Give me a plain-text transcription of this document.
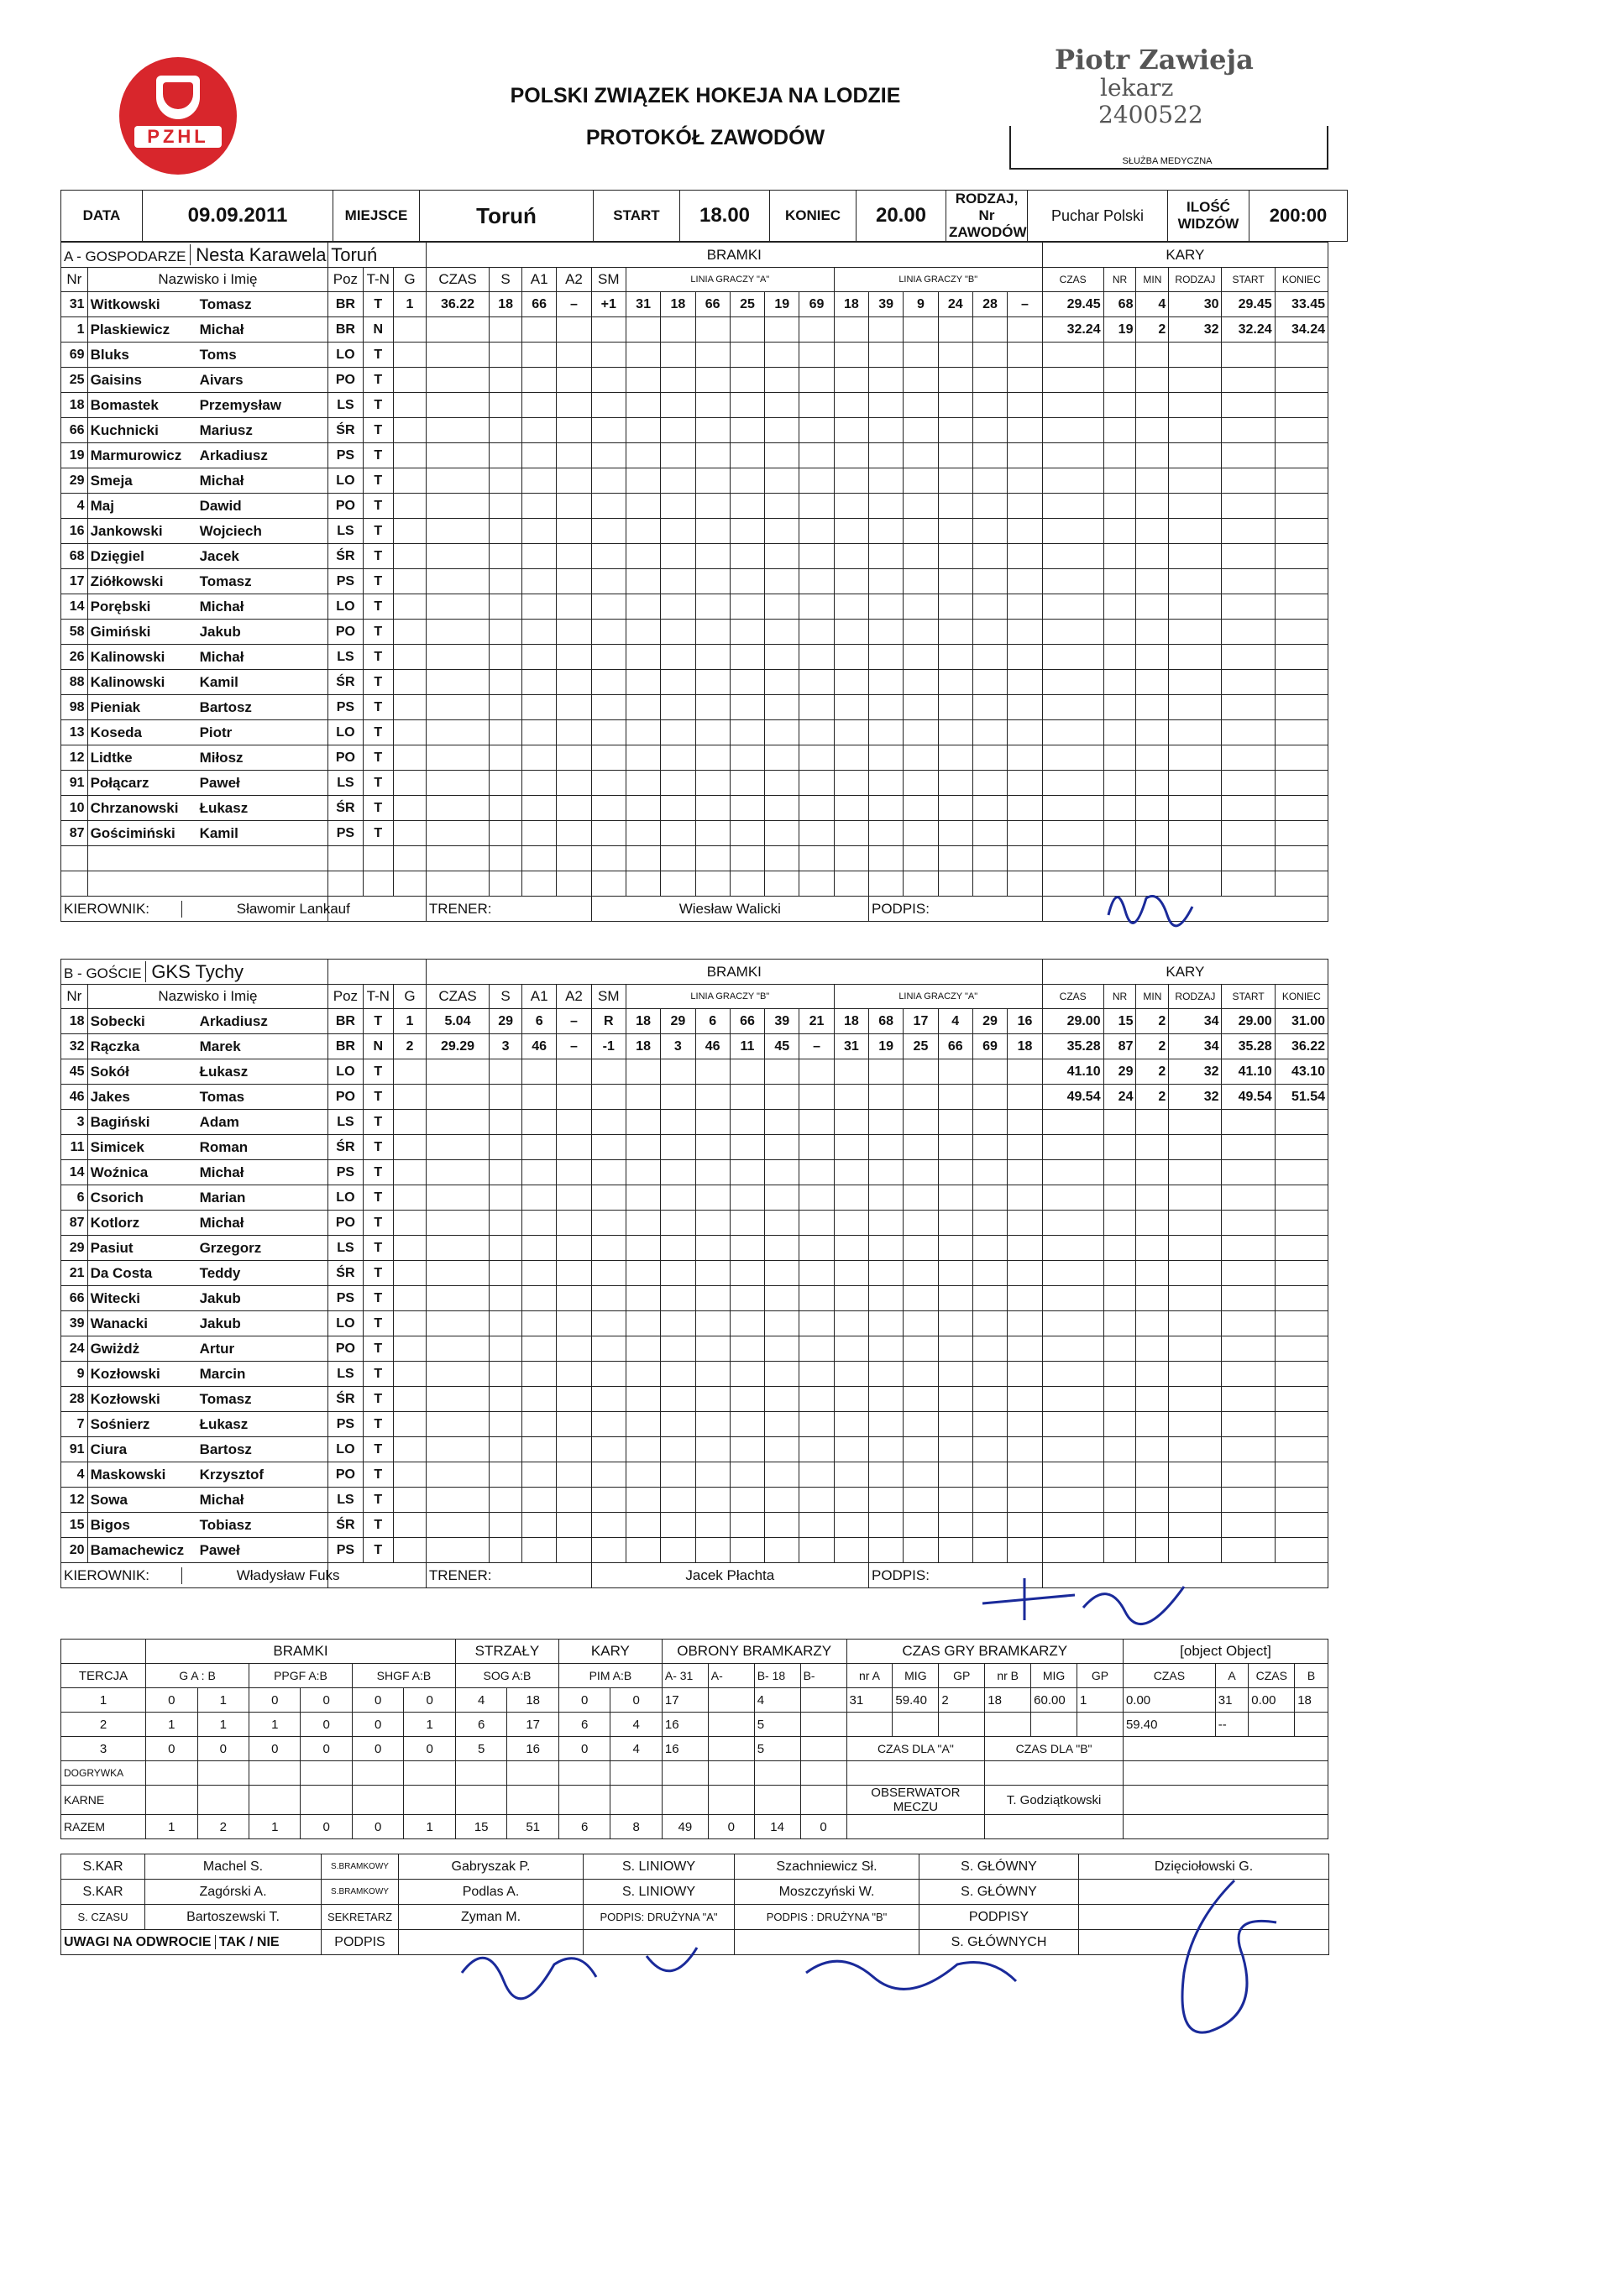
PZHL
POLSKI ZWIĄZEK HOKEJA NA LODZIE
PROTOKÓŁ ZAWODÓW
SŁUŻBA MEDYCZNA
Piotr Zawieja
lekarz
2400522
DATA	09.09.2011	MIEJSCE	Toruń	START	18.00	KONIEC	20.00	RODZAJ, Nr ZAWODÓW	Puchar Polski	ILOŚĆ WIDZÓW	200:00
A - GOSPODARZE Nesta Karawela Toruń					BRAMKI																	KARY					
Nr	Nazwisko i Imię	Poz	T-N	G	CZAS	S	A1	A2	SM	LINIA GRACZY "A"						LINIA GRACZY "B"						CZAS	NR	MIN	RODZAJ	START	KONIEC
31	Witkowski Tomasz	BR	T	1	36.22	18	66	–	+1	31	18	66	25	19	69	18	39	9	24	28	–	29.45	68	4	30	29.45	33.45
1	Plaskiewicz Michał	BR	N																			32.24	19	2	32	32.24	34.24
69	Bluks Toms	LO	T																								
25	Gaisins Aivars	PO	T																								
18	Bomastek Przemysław	LS	T																								
66	Kuchnicki Mariusz	ŚR	T																								
19	Marmurowicz Arkadiusz	PS	T																								
29	Smeja Michał	LO	T																								
4	Maj Dawid	PO	T																								
16	Jankowski Wojciech	LS	T																								
68	Dzięgiel Jacek	ŚR	T																								
17	Ziółkowski Tomasz	PS	T																								
14	Porębski Michał	LO	T																								
58	Gimiński Jakub	PO	T																								
26	Kalinowski Michał	LS	T																								
88	Kalinowski Kamil	ŚR	T																								
98	Pieniak Bartosz	PS	T																								
13	Koseda Piotr	LO	T																								
12	Lidtke Miłosz	PO	T																								
91	Połącarz Paweł	LS	T																								
10	Chrzanowski Łukasz	ŚR	T																								
87	Gościmiński Kamil	PS	T																								

KIEROWNIK: Sławomir Lankauf					TRENER:				Wiesław Walicki								PODPIS:										
B - GOŚCIE GKS Tychy					BRAMKI																	KARY					
Nr	Nazwisko i Imię	Poz	T-N	G	CZAS	S	A1	A2	SM	LINIA GRACZY "B"						LINIA GRACZY "A"						CZAS	NR	MIN	RODZAJ	START	KONIEC
18	Sobecki Arkadiusz	BR	T	1	5.04	29	6	–	R	18	29	6	66	39	21	18	68	17	4	29	16	29.00	15	2	34	29.00	31.00
32	Rączka Marek	BR	N	2	29.29	3	46	–	-1	18	3	46	11	45	–	31	19	25	66	69	18	35.28	87	2	34	35.28	36.22
45	Sokół Łukasz	LO	T																			41.10	29	2	32	41.10	43.10
46	Jakes Tomas	PO	T																			49.54	24	2	32	49.54	51.54
3	Bagiński Adam	LS	T																								
11	Simicek Roman	ŚR	T																								
14	Woźnica Michał	PS	T																								
6	Csorich Marian	LO	T																								
87	Kotlorz Michał	PO	T																								
29	Pasiut Grzegorz	LS	T																								
21	Da Costa Teddy	ŚR	T																								
66	Witecki Jakub	PS	T																								
39	Wanacki Jakub	LO	T																								
24	Gwiżdż Artur	PO	T																								
9	Kozłowski Marcin	LS	T																								
28	Kozłowski Tomasz	ŚR	T																								
7	Sośnierz Łukasz	PS	T																								
91	Ciura Bartosz	LO	T																								
4	Maskowski Krzysztof	PO	T																								
12	Sowa Michał	LS	T																								
15	Bigos Tobiasz	ŚR	T																								
20	Bamachewicz Paweł	PS	T																								
KIEROWNIK: Władysław Fuks					TRENER:				Jacek Płachta								PODPIS:										
	BRAMKI						STRZAŁY		KARY		OBRONY BRAMKARZY				CZAS GRY BRAMKARZY						[object Object]			
TERCJA	G A : B		PPGF A:B		SHGF A:B		SOG A:B		PIM A:B		A- 31	A-	B- 18	B-	nr A	MIG	GP	nr B	MIG	GP	CZAS	A	CZAS	B
1	0	1	0	0	0	0	4	18	0	0	17		4		31	59.40	2	18	60.00	1	0.00	31	0.00	18
2	1	1	1	0	0	1	6	17	6	4	16		5								59.40	--		
3	0	0	0	0	0	0	5	16	0	4	16		5		CZAS DLA "A"			CZAS DLA "B"						
DOGRYWKA																								
KARNE															OBSERWATOR MECZU			T. Godziątkowski						
RAZEM	1	2	1	0	0	1	15	51	6	8	49	0	14	0										
S.KAR	Machel S.	S.BRAMKOWY	Gabryszak P.	S. LINIOWY	Szachniewicz Sł.	S. GŁÓWNY	Dzięciołowski G.
S.KAR	Zagórski A.	S.BRAMKOWY	Podlas A.	S. LINIOWY	Moszczyński W.	S. GŁÓWNY	
S. CZASU	Bartoszewski T.	SEKRETARZ	Zyman M.	PODPIS: DRUŻYNA "A"	PODPIS : DRUŻYNA "B"	PODPISY	
UWAGI NA ODWROCIE TAK / NIE		PODPIS				S. GŁÓWNYCH	
